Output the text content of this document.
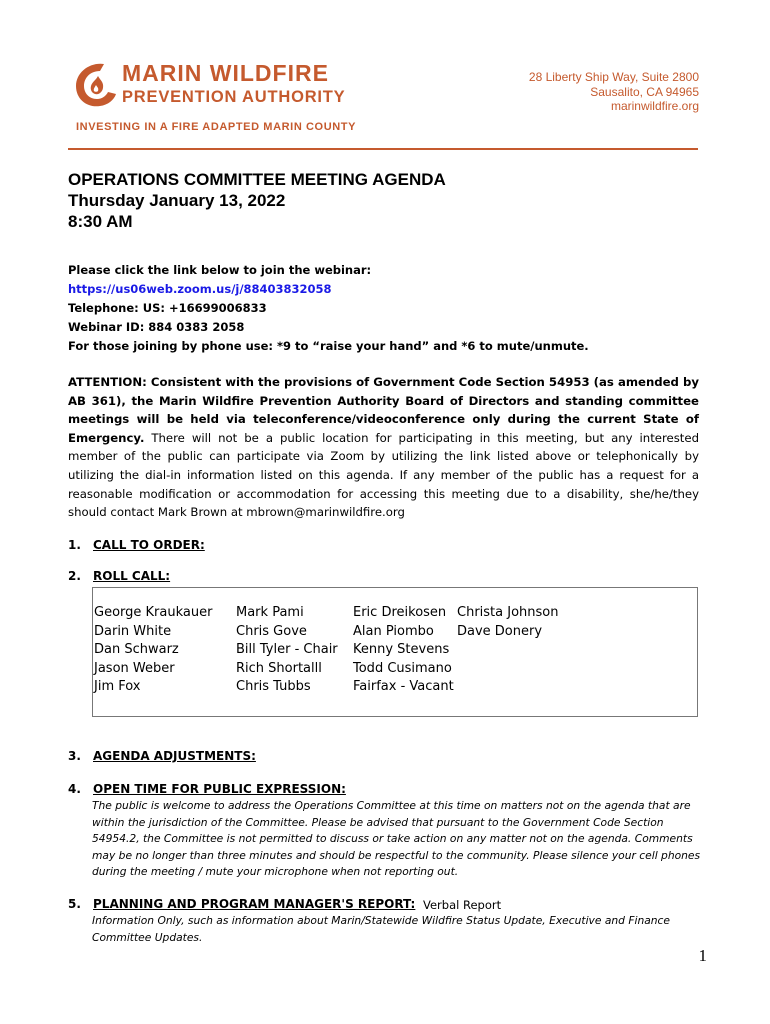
MARIN WILDFIRE
PREVENTION AUTHORITY
INVESTING IN A FIRE ADAPTED MARIN COUNTY
28 Liberty Ship Way, Suite 2800
Sausalito, CA 94965
marinwildfire.org
OPERATIONS COMMITTEE MEETING AGENDA
Thursday January 13, 2022
8:30 AM
Please click the link below to join the webinar:
https://us06web.zoom.us/j/88403832058
Telephone: US: +16699006833
Webinar ID: 884 0383 2058
For those joining by phone use: *9 to “raise your hand” and *6 to mute/unmute.
ATTENTION: Consistent with the provisions of Government Code Section 54953 (as amended by AB 361), the Marin Wildfire Prevention Authority Board of Directors and standing committee meetings will be held via teleconference/videoconference only during the current State of Emergency. There will not be a public location for participating in this meeting, but any interested member of the public can participate via Zoom by utilizing the link listed above or telephonically by utilizing the dial-in information listed on this agenda. If any member of the public has a request for a reasonable modification or accommodation for accessing this meeting due to a disability, she/he/they should contact Mark Brown at mbrown@marinwildfire.org
1. CALL TO ORDER:
2. ROLL CALL:
George Kraukauer
Darin White
Dan Schwarz
Jason Weber
Jim Fox
Mark Pami
Chris Gove
Bill Tyler - Chair
Rich Shortalll
Chris Tubbs
Eric Dreikosen
Alan Piombo
Kenny Stevens
Todd Cusimano
Fairfax - Vacant
Christa Johnson
Dave Donery
3. AGENDA ADJUSTMENTS:
4. OPEN TIME FOR PUBLIC EXPRESSION:
The public is welcome to address the Operations Committee at this time on matters not on the agenda that are within the jurisdiction of the Committee. Please be advised that pursuant to the Government Code Section 54954.2, the Committee is not permitted to discuss or take action on any matter not on the agenda. Comments may be no longer than three minutes and should be respectful to the community. Please silence your cell phones during the meeting / mute your microphone when not reporting out.
5. PLANNING AND PROGRAM MANAGER'S REPORT: Verbal Report
Information Only, such as information about Marin/Statewide Wildfire Status Update, Executive and Finance Committee Updates.
1
